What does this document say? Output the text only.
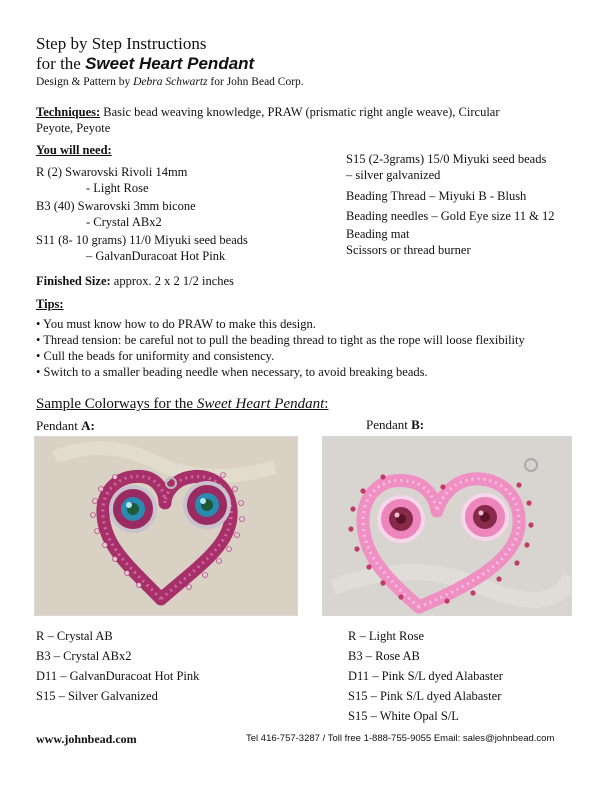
Step by Step Instructions
for the Sweet Heart Pendant
Design & Pattern by Debra Schwartz for John Bead Corp.
Techniques: Basic bead weaving knowledge, PRAW (prismatic right angle weave), Circular
Peyote, Peyote
You will need:
R (2) Swarovski Rivoli 14mm
- Light Rose
B3 (40) Swarovski 3mm bicone
- Crystal ABx2
S11 (8- 10 grams) 11/0 Miyuki seed beads
– GalvanDuracoat Hot Pink
S15 (2-3grams) 15/0 Miyuki seed beads
– silver galvanized
Beading Thread – Miyuki B - Blush
Beading needles – Gold Eye size 11 & 12
Beading mat
Scissors or thread burner
Finished Size: approx. 2 x 2 1/2 inches
Tips:
• You must know how to do PRAW to make this design.
• Thread tension: be careful not to pull the beading thread to tight as the rope will loose flexibility
• Cull the beads for uniformity and consistency.
• Switch to a smaller beading needle when necessary, to avoid breaking beads.
Sample Colorways for the Sweet Heart Pendant:
Pendant A:	Pendant B:
R – Crystal AB
B3 – Crystal ABx2
D11 – GalvanDuracoat Hot Pink
S15 – Silver Galvanized
R – Light Rose
B3 – Rose AB
D11 – Pink S/L dyed Alabaster
S15 – Pink S/L dyed Alabaster
S15 – White Opal S/L
www.johnbead.com	Tel 416-757-3287 / Toll free 1-888-755-9055 Email: sales@johnbead.com
